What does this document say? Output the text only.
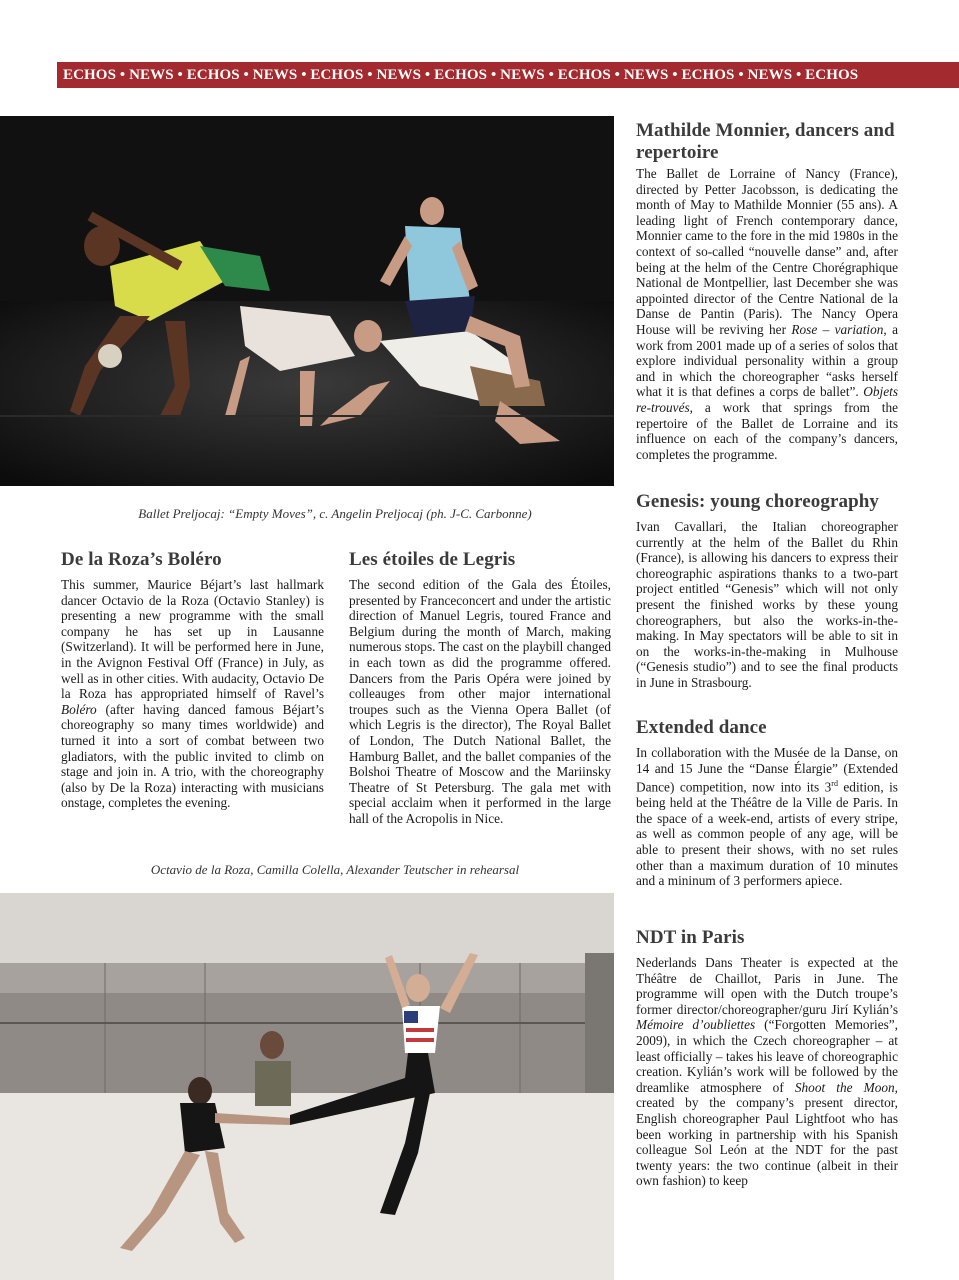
ECHOS • NEWS • ECHOS • NEWS • ECHOS • NEWS • ECHOS • NEWS • ECHOS • NEWS • ECHOS • NEWS • ECHOS
Ballet Preljocaj: “Empty Moves”, c. Angelin Preljocaj (ph. J-C. Carbonne)
De la Roza’s Boléro
This summer, Maurice Béjart’s last hallmark dancer Octavio de la Roza (Octavio Stanley) is presenting a new programme with the small company he has set up in Lausanne (Switzerland). It will be performed here in June, in the Avignon Festival Off (France) in July, as well as in other cities. With audacity, Octavio De la Roza has appropriated himself of Ravel’s Boléro (after having danced famous Béjart’s choreography so many times worldwide) and turned it into a sort of combat between two gladiators, with the public invited to climb on stage and join in. A trio, with the choreography (also by De la Roza) interacting with musicians onstage, completes the evening.
Les étoiles de Legris
The second edition of the Gala des Étoiles, presented by Franceconcert and under the artistic direction of Manuel Legris, toured France and Belgium during the month of March, making numerous stops. The cast on the playbill changed in each town as did the programme offered. Dancers from the Paris Opéra were joined by colleauges from other major international troupes such as the Vienna Opera Ballet (of which Legris is the director), The Royal Ballet of London, The Dutch National Ballet, the Hamburg Ballet, and the ballet companies of the Bolshoi Theatre of Moscow and the Mariinsky Theatre of St Petersburg. The gala met with special acclaim when it performed in the large hall of the Acropolis in Nice.
Octavio de la Roza, Camilla Colella, Alexander Teutscher in rehearsal
Mathilde Monnier, dancers and repertoire
The Ballet de Lorraine of Nancy (France), directed by Petter Jacobsson, is dedicating the month of May to Mathilde Monnier (55 ans). A leading light of French contemporary dance, Monnier came to the fore in the mid 1980s in the context of so-called “nouvelle danse” and, after being at the helm of the Centre Chorégraphique National de Montpellier, last December she was appointed director of the Centre National de la Danse de Pantin (Paris). The Nancy Opera House will be reviving her Rose – variation, a work from 2001 made up of a series of solos that explore individual personality within a group and in which the choreographer “asks herself what it is that defines a corps de ballet”. Objets re-trouvés, a work that springs from the repertoire of the Ballet de Lorraine and its influence on each of the company’s dancers, completes the programme.
Genesis: young choreography
Ivan Cavallari, the Italian choreographer currently at the helm of the Ballet du Rhin (France), is allowing his dancers to express their choreographic aspirations thanks to a two-part project entitled “Genesis” which will not only present the finished works by these young choreographers, but also the works-in-the-making. In May spectators will be able to sit in on the works-in-the-making in Mulhouse (“Genesis studio”) and to see the final products in June in Strasbourg.
Extended dance
In collaboration with the Musée de la Danse, on 14 and 15 June the “Danse Élargie” (Extended Dance) competition, now into its 3rd edition, is being held at the Théâtre de la Ville de Paris. In the space of a week-end, artists of every stripe, as well as common people of any age, will be able to present their shows, with no set rules other than a maximum duration of 10 minutes and a mininum of 3 performers apiece.
NDT in Paris
Nederlands Dans Theater is expected at the Théâtre de Chaillot, Paris in June. The programme will open with the Dutch troupe’s former director/choreographer/guru Jirí Kylián’s Mémoire d’oubliettes (“Forgotten Memories”, 2009), in which the Czech choreographer – at least officially – takes his leave of choreographic creation. Kylián’s work will be followed by the dreamlike atmosphere of Shoot the Moon, created by the company’s present director, English choreographer Paul Lightfoot who has been working in partnership with his Spanish colleague Sol León at the NDT for the past twenty years: the two continue (albeit in their own fashion) to keep
